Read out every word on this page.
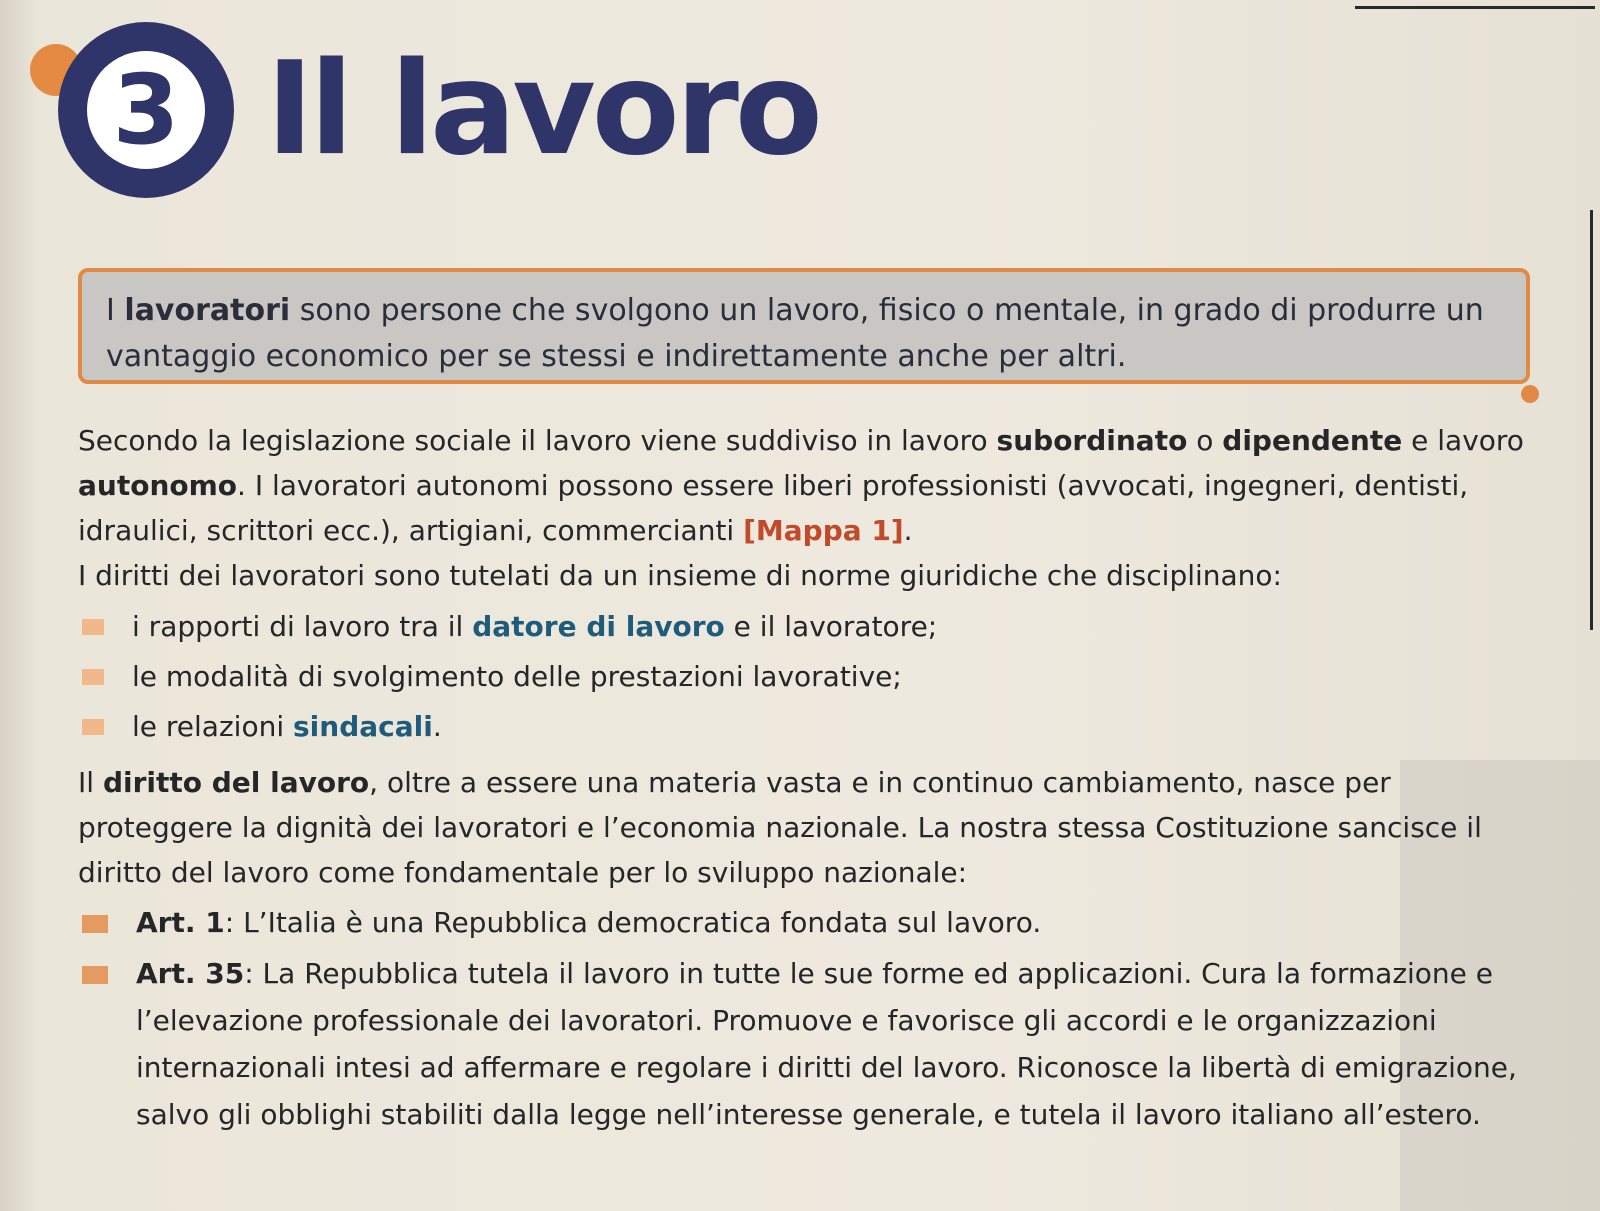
3 Il lavoro
I lavoratori sono persone che svolgono un lavoro, fisico o mentale, in grado di produrre un vantaggio economico per se stessi e indirettamente anche per altri.

Secondo la legislazione sociale il lavoro viene suddiviso in lavoro subordinato o dipendente e lavoro autonomo. I lavoratori autonomi possono essere liberi professionisti (avvocati, ingegneri, dentisti, idraulici, scrittori ecc.), artigiani, commercianti [Mappa 1].

I diritti dei lavoratori sono tutelati da un insieme di norme giuridiche che disciplinano:

i rapporti di lavoro tra il datore di lavoro e il lavoratore;
le modalità di svolgimento delle prestazioni lavorative;
le relazioni sindacali.

Il diritto del lavoro, oltre a essere una materia vasta e in continuo cambiamento, nasce per proteggere la dignità dei lavoratori e l’economia nazionale. La nostra stessa Costituzione sancisce il diritto del lavoro come fondamentale per lo sviluppo nazionale:

Art. 1: L’Italia è una Repubblica democratica fondata sul lavoro.
Art. 35: La Repubblica tutela il lavoro in tutte le sue forme ed applicazioni. Cura la formazione e l’elevazione professionale dei lavoratori. Promuove e favorisce gli accordi e le organizzazioni internazionali intesi ad affermare e regolare i diritti del lavoro. Riconosce la libertà di emigrazione, salvo gli obblighi stabiliti dalla legge nell’interesse generale, e tutela il lavoro italiano all’estero.
